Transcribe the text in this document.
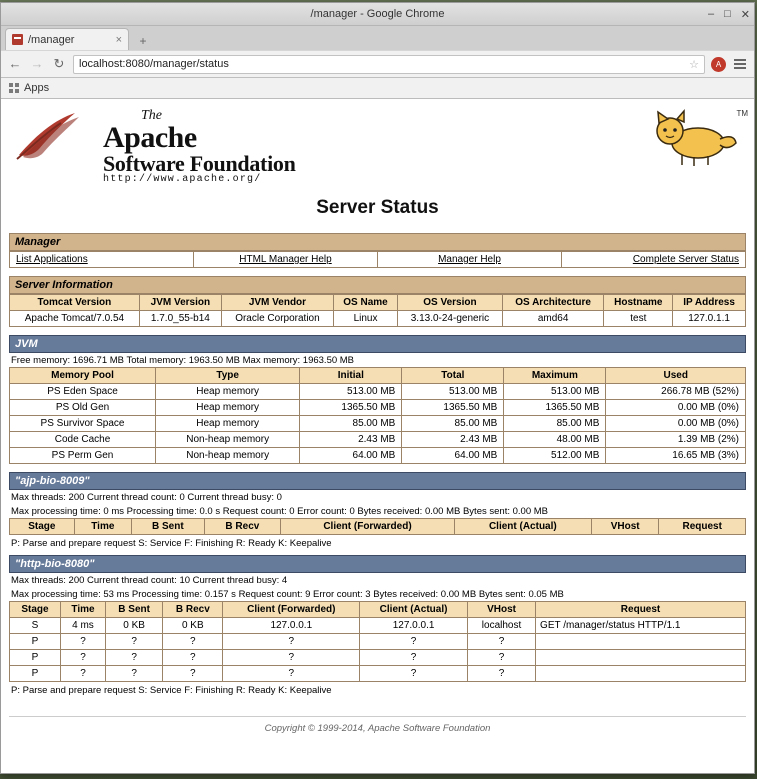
/manager - Google Chrome	– □ ✕
/manager	×	+
← → ↻ localhost:8080/manager/status	☆	A
Apps
The
Apache
Software Foundation
http://www.apache.org/
TM
Server Status
Manager
List Applications	HTML Manager Help	Manager Help	Complete Server Status
Server Information
Tomcat Version	JVM Version	JVM Vendor	OS Name	OS Version	OS Architecture	Hostname	IP Address
Apache Tomcat/7.0.54	1.7.0_55-b14	Oracle Corporation	Linux	3.13.0-24-generic	amd64	test	127.0.1.1
JVM
Free memory: 1696.71 MB Total memory: 1963.50 MB Max memory: 1963.50 MB
Memory Pool	Type	Initial	Total	Maximum	Used
PS Eden Space	Heap memory	513.00 MB	513.00 MB	513.00 MB	266.78 MB (52%)
PS Old Gen	Heap memory	1365.50 MB	1365.50 MB	1365.50 MB	0.00 MB (0%)
PS Survivor Space	Heap memory	85.00 MB	85.00 MB	85.00 MB	0.00 MB (0%)
Code Cache	Non-heap memory	2.43 MB	2.43 MB	48.00 MB	1.39 MB (2%)
PS Perm Gen	Non-heap memory	64.00 MB	64.00 MB	512.00 MB	16.65 MB (3%)
"ajp-bio-8009"
Max threads: 200 Current thread count: 0 Current thread busy: 0
Max processing time: 0 ms Processing time: 0.0 s Request count: 0 Error count: 0 Bytes received: 0.00 MB Bytes sent: 0.00 MB
Stage	Time	B Sent	B Recv	Client (Forwarded)	Client (Actual)	VHost	Request
P: Parse and prepare request S: Service F: Finishing R: Ready K: Keepalive
"http-bio-8080"
Max threads: 200 Current thread count: 10 Current thread busy: 4
Max processing time: 53 ms Processing time: 0.157 s Request count: 9 Error count: 3 Bytes received: 0.00 MB Bytes sent: 0.05 MB
Stage	Time	B Sent	B Recv	Client (Forwarded)	Client (Actual)	VHost	Request
S	4 ms	0 KB	0 KB	127.0.0.1	127.0.0.1	localhost	GET /manager/status HTTP/1.1
P	?	?	?	?	?	?	
P	?	?	?	?	?	?	
P	?	?	?	?	?	?	
P: Parse and prepare request S: Service F: Finishing R: Ready K: Keepalive
Copyright © 1999-2014, Apache Software Foundation
